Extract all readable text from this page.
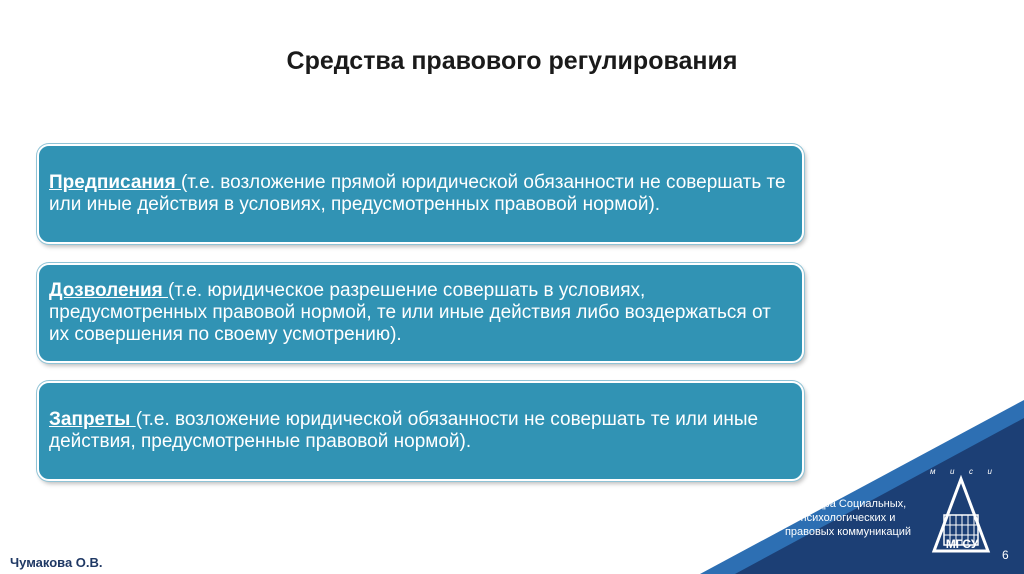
Средства правового регулирования

Предписания (т.е. возложение прямой юридической обязанности не совершать те или иные действия в условиях, предусмотренных правовой нормой).

Дозволения (т.е. юридическое разрешение совершать в условиях, предусмотренных правовой нормой, те или иные действия либо воздержаться от их совершения по своему усмотрению).

Запреты (т.е. возложение юридической обязанности не совершать те или иные действия, предусмотренные правовой нормой).

Кафедра Социальных, психологических и правовых коммуникаций
м и с и
МГСУ
Чумакова О.В.	6
